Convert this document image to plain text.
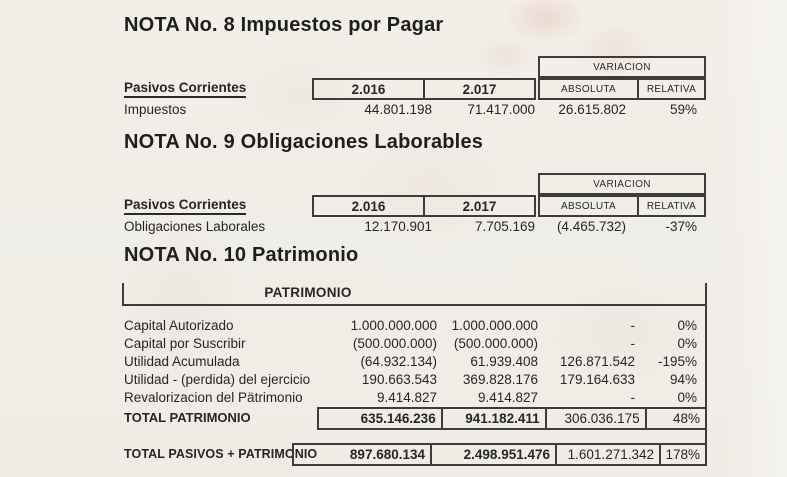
NOTA No. 8 Impuestos por Pagar
VARIACION
Pasivos Corrientes	2.016	2.017	ABSOLUTA	RELATIVA
Impuestos	44.801.198	71.417.000	26.615.802	59%
NOTA No. 9 Obligaciones Laborables
VARIACION
Pasivos Corrientes	2.016	2.017	ABSOLUTA	RELATIVA
Obligaciones Laborales	12.170.901	7.705.169	(4.465.732)	-37%
NOTA No. 10 Patrimonio
PATRIMONIO
Capital Autorizado	1.000.000.000	1.000.000.000	-	0%
Capital por Suscribir	(500.000.000)	(500.000.000)	-	0%
Utilidad Acumulada	(64.932.134)	61.939.408	126.871.542	-195%
Utilidad - (perdida) del ejercicio	190.663.543	369.828.176	179.164.633	94%
Revalorizacion del Pätrimonio	9.414.827	9.414.827	-	0%
TOTAL PATRIMONIO	635.146.236	941.182.411	306.036.175	48%
TOTAL PASIVOS + PATRIMONIO	897.680.134	2.498.951.476	1.601.271.342 178%
